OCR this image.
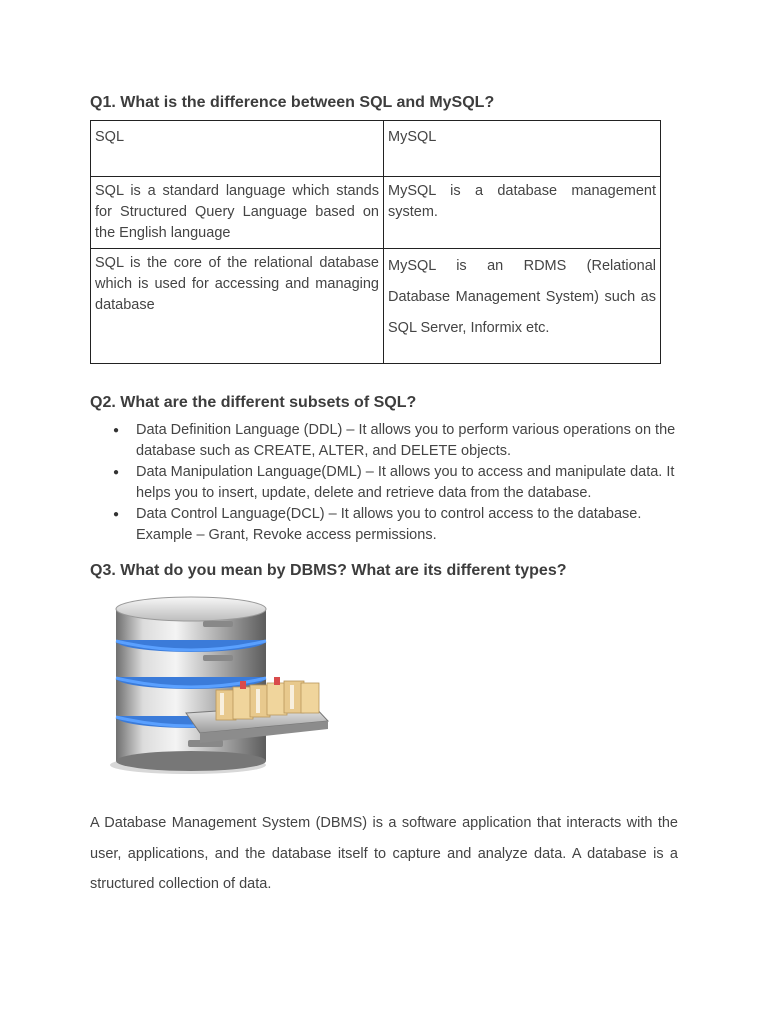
Q1. What is the difference between SQL and MySQL?
SQL	MySQL
SQL is a standard language which stands for Structured Query Language based on the English language	MySQL is a database management system.
SQL is the core of the relational database which is used for accessing and managing database	MySQL is an RDMS (Relational Database Management System) such as SQL Server, Informix etc.
Q2. What are the different subsets of SQL?
● Data Definition Language (DDL) – It allows you to perform various operations on the database such as CREATE, ALTER, and DELETE objects.
● Data Manipulation Language(DML) – It allows you to access and manipulate data. It helps you to insert, update, delete and retrieve data from the database.
● Data Control Language(DCL) – It allows you to control access to the database. Example – Grant, Revoke access permissions.
Q3. What do you mean by DBMS? What are its different types?

A Database Management System (DBMS) is a software application that interacts with the user, applications, and the database itself to capture and analyze data. A database is a structured collection of data.
